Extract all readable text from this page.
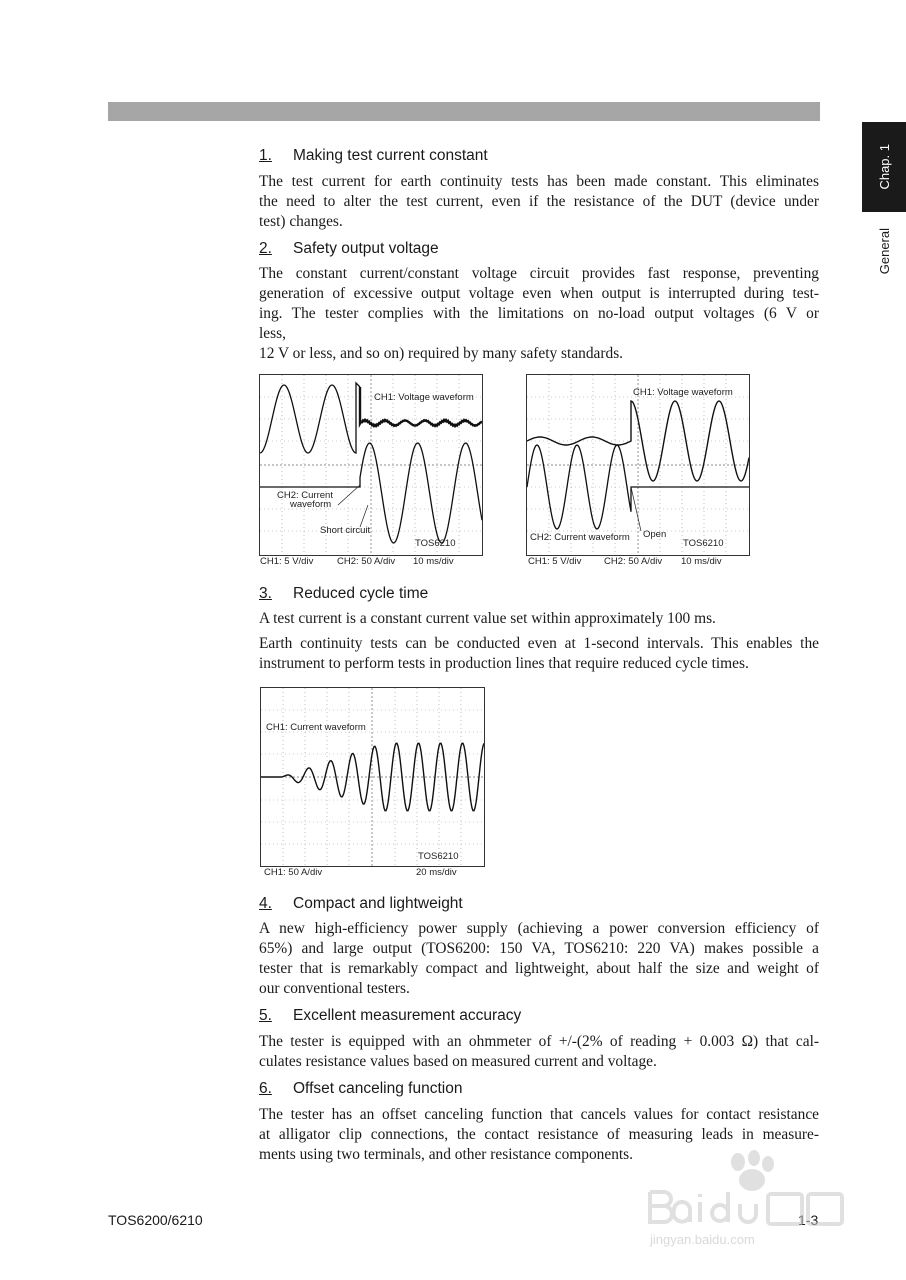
Chap. 1
General
1. Making test current constant
The test current for earth continuity tests has been made constant. This eliminates
the need to alter the test current, even if the resistance of the DUT (device under
test) changes.
2. Safety output voltage
The constant current/constant voltage circuit provides fast response, preventing
generation of excessive output voltage even when output is interrupted during test-
ing. The tester complies with the limitations on no-load output voltages (6 V or
less,
12 V or less, and so on) required by many safety standards.
CH1: Voltage waveform
CH2: Current
waveform
Short circuit
TOS6210
CH1: 5 V/div CH2: 50 A/div 10 ms/div
CH1: Voltage waveform
CH2: Current waveform Open
TOS6210
CH1: 5 V/div CH2: 50 A/div 10 ms/div
3. Reduced cycle time
A test current is a constant current value set within approximately 100 ms.
Earth continuity tests can be conducted even at 1-second intervals. This enables the
instrument to perform tests in production lines that require reduced cycle times.
CH1: Current waveform
TOS6210
CH1: 50 A/div	20 ms/div
4. Compact and lightweight
A new high-efficiency power supply (achieving a power conversion efficiency of
65%) and large output (TOS6200: 150 VA, TOS6210: 220 VA) makes possible a
tester that is remarkably compact and lightweight, about half the size and weight of
our conventional testers.
5. Excellent measurement accuracy
The tester is equipped with an ohmmeter of +/-(2% of reading + 0.003 Ω) that cal-
culates resistance values based on measured current and voltage.
6. Offset canceling function
The tester has an offset canceling function that cancels values for contact resistance
at alligator clip connections, the contact resistance of measuring leads in measure-
ments using two terminals, and other resistance components.
TOS6200/6210	1-3
jingyan.baidu.com
